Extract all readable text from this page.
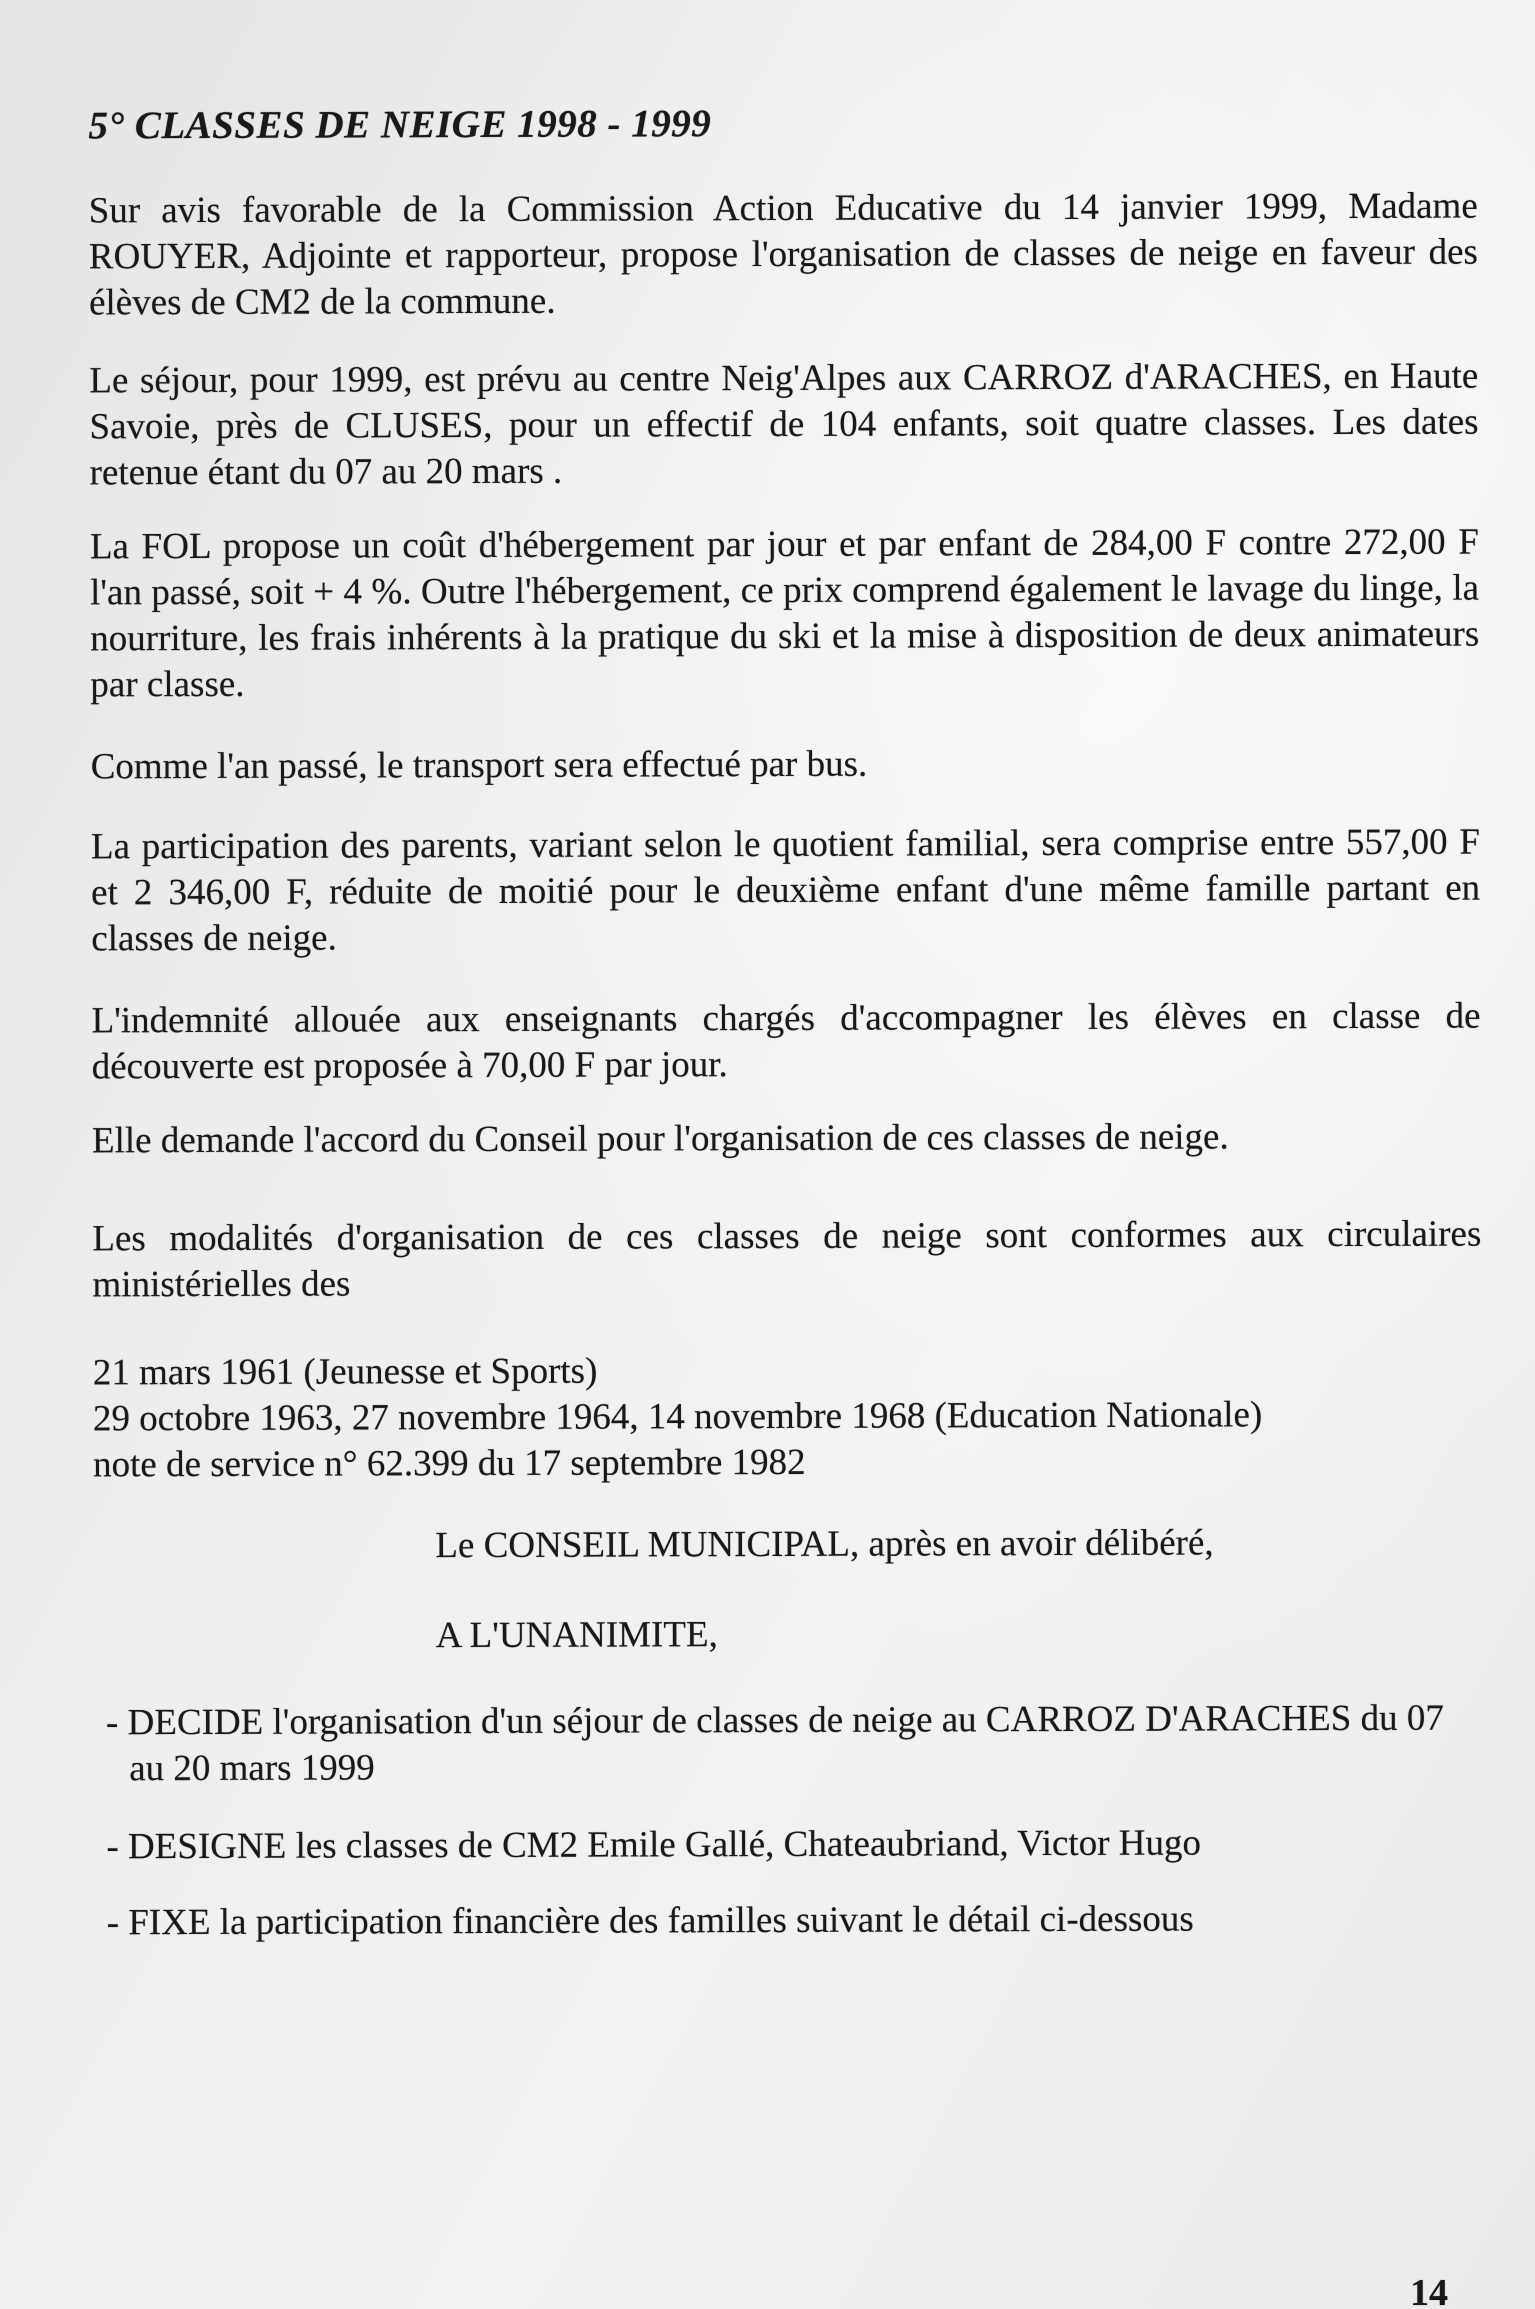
5° CLASSES DE NEIGE 1998 - 1999

Sur avis favorable de la Commission Action Educative du 14 janvier 1999, Madame ROUYER, Adjointe et rapporteur, propose l'organisation de classes de neige en faveur des élèves de CM2 de la commune.

Le séjour, pour 1999, est prévu au centre Neig'Alpes aux CARROZ d'ARACHES, en Haute Savoie, près de CLUSES, pour un effectif de 104 enfants, soit quatre classes. Les dates retenue étant du 07 au 20 mars .

La FOL propose un coût d'hébergement par jour et par enfant de 284,00 F contre 272,00 F l'an passé, soit + 4 %. Outre l'hébergement, ce prix comprend également le lavage du linge, la nourriture, les frais inhérents à la pratique du ski et la mise à disposition de deux animateurs par classe.

Comme l'an passé, le transport sera effectué par bus.

La participation des parents, variant selon le quotient familial, sera comprise entre 557,00 F et 2 346,00 F, réduite de moitié pour le deuxième enfant d'une même famille partant en classes de neige.

L'indemnité allouée aux enseignants chargés d'accompagner les élèves en classe de découverte est proposée à 70,00 F par jour.

Elle demande l'accord du Conseil pour l'organisation de ces classes de neige.

Les modalités d'organisation de ces classes de neige sont conformes aux circulaires ministérielles des

21 mars 1961 (Jeunesse et Sports)
29 octobre 1963, 27 novembre 1964, 14 novembre 1968 (Education Nationale)
note de service n° 62.399 du 17 septembre 1982

Le CONSEIL MUNICIPAL, après en avoir délibéré,

A L'UNANIMITE,

- DECIDE l'organisation d'un séjour de classes de neige au CARROZ D'ARACHES du 07 au 20 mars 1999

- DESIGNE les classes de CM2 Emile Gallé, Chateaubriand, Victor Hugo

- FIXE la participation financière des familles suivant le détail ci-dessous

14
